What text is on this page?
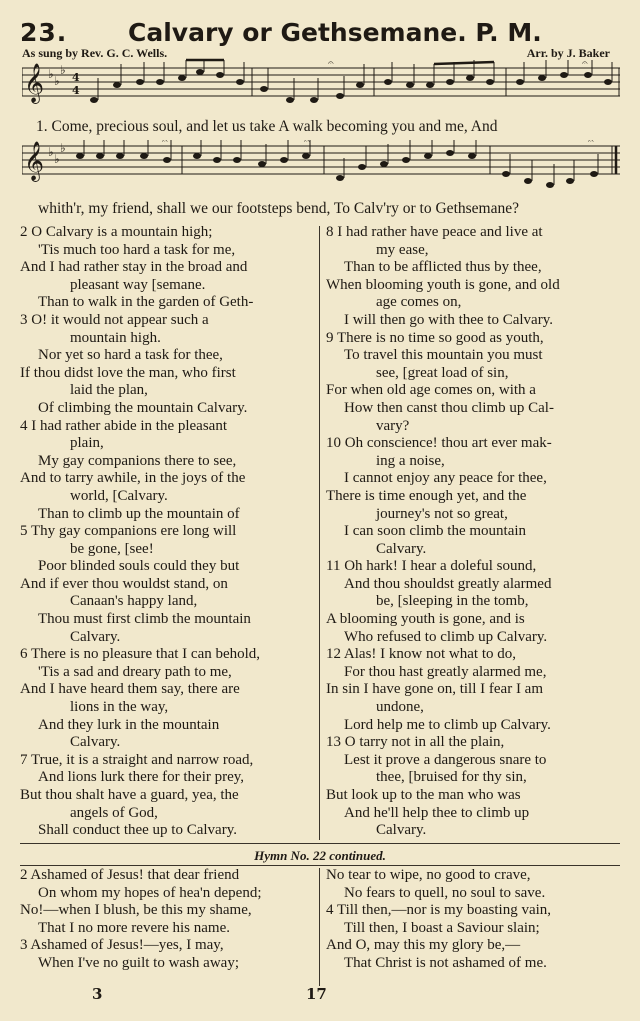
23. Calvary or Gethsemane. P. M.
As sung by Rev. G. C. Wells.	Arr. by J. Baker
𝄞 ♭ ♭
♭
4
4
𝄐	𝄐
1. Come, precious soul, and let us take A walk becoming you and me, And
𝄞 ♭ ♭
♭	𝄐	𝄐	𝄐
whith'r, my friend, shall we our footsteps bend, To Calv'ry or to Gethsemane?
2 O Calvary is a mountain high;
'Tis much too hard a task for me,
And I had rather stay in the broad and
pleasant way [semane.
Than to walk in the garden of Geth-
3 O! it would not appear such a
mountain high.
Nor yet so hard a task for thee,
If thou didst love the man, who first
laid the plan,
Of climbing the mountain Calvary.
4 I had rather abide in the pleasant
plain,
My gay companions there to see,
And to tarry awhile, in the joys of the
world, [Calvary.
Than to climb up the mountain of
5 Thy gay companions ere long will
be gone, [see!
Poor blinded souls could they but
And if ever thou wouldst stand, on
Canaan's happy land,
Thou must first climb the mountain
Calvary.
6 There is no pleasure that I can behold,
'Tis a sad and dreary path to me,
And I have heard them say, there are
lions in the way,
And they lurk in the mountain
Calvary.
7 True, it is a straight and narrow road,
And lions lurk there for their prey,
But thou shalt have a guard, yea, the
angels of God,
Shall conduct thee up to Calvary.
8 I had rather have peace and live at
my ease,
Than to be afflicted thus by thee,
When blooming youth is gone, and old
age comes on,
I will then go with thee to Calvary.
9 There is no time so good as youth,
To travel this mountain you must
see, [great load of sin,
For when old age comes on, with a
How then canst thou climb up Cal-
vary?
10 Oh conscience! thou art ever mak-
ing a noise,
I cannot enjoy any peace for thee,
There is time enough yet, and the
journey's not so great,
I can soon climb the mountain
Calvary.
11 Oh hark! I hear a doleful sound,
And thou shouldst greatly alarmed
be, [sleeping in the tomb,
A blooming youth is gone, and is
Who refused to climb up Calvary.
12 Alas! I know not what to do,
For thou hast greatly alarmed me,
In sin I have gone on, till I fear I am
undone,
Lord help me to climb up Calvary.
13 O tarry not in all the plain,
Lest it prove a dangerous snare to
thee, [bruised for thy sin,
But look up to the man who was
And he'll help thee to climb up
Calvary.
Hymn No. 22 continued.
2 Ashamed of Jesus! that dear friend
On whom my hopes of hea'n depend;
No!—when I blush, be this my shame,
That I no more revere his name.
3 Ashamed of Jesus!—yes, I may,
When I've no guilt to wash away;
No tear to wipe, no good to crave,
No fears to quell, no soul to save.
4 Till then,—nor is my boasting vain,
Till then, I boast a Saviour slain;
And O, may this my glory be,—
That Christ is not ashamed of me.
3	17
